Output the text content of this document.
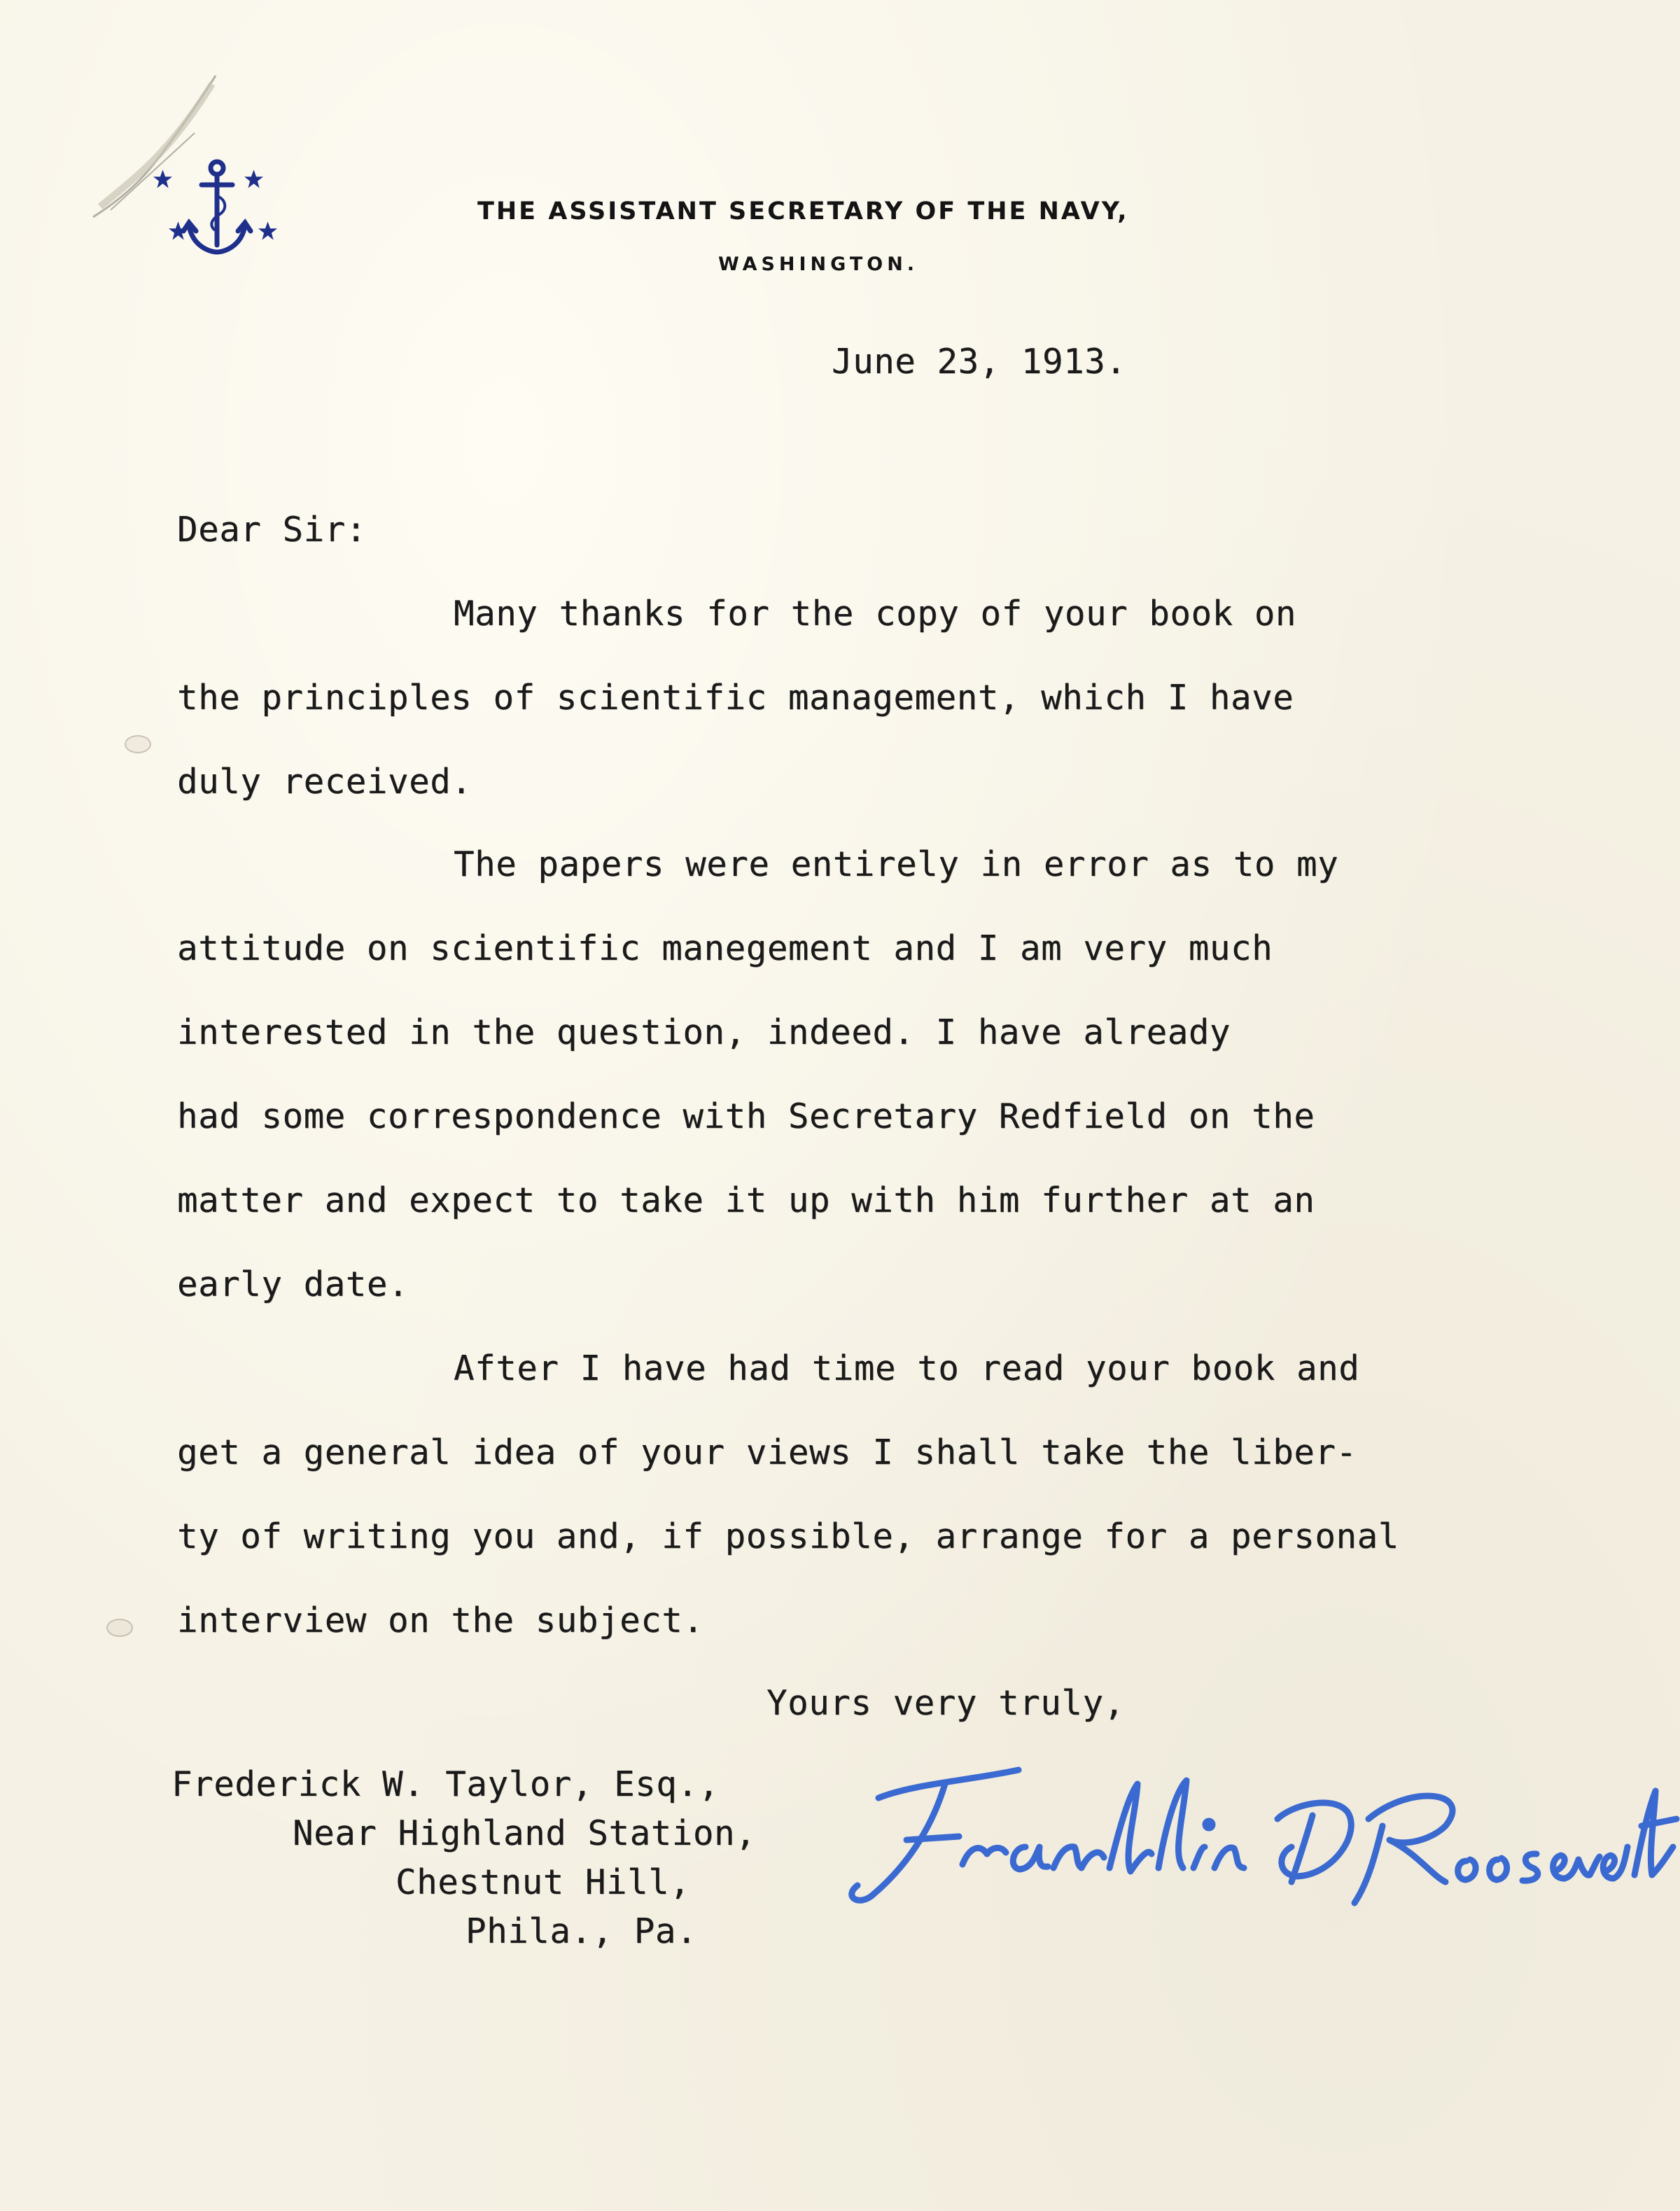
THE ASSISTANT SECRETARY OF THE NAVY,
WASHINGTON.
June 23, 1913.
Dear Sir:
Many thanks for the copy of your book on
the principles of scientific management, which I have
duly received.
The papers were entirely in error as to my
attitude on scientific manegement and I am very much
interested in the question, indeed. I have already
had some correspondence with Secretary Redfield on the
matter and expect to take it up with him further at an
early date.
After I have had time to read your book and
get a general idea of your views I shall take the liber-
ty of writing you and, if possible, arrange for a personal
interview on the subject.
Yours very truly,
Frederick W. Taylor, Esq.,
Near Highland Station,
Chestnut Hill,
Phila., Pa.
